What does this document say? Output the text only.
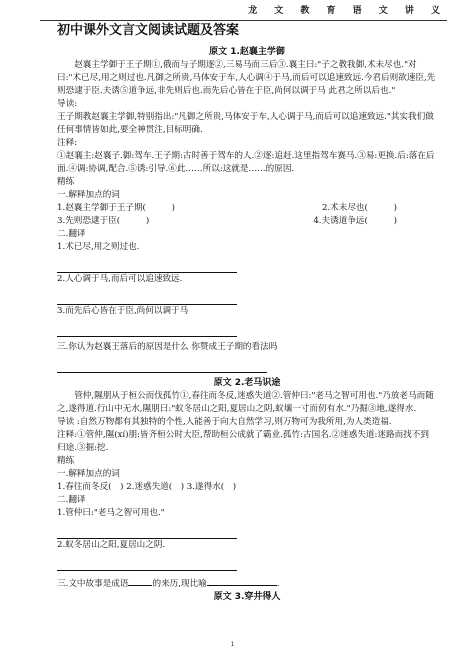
龙 文 教 育 语 文 讲 义
初中课外文言文阅读试题及答案

原文 1.赵襄主学御

赵襄主学御于王子期①,俄而与子期逐②,三易马而三后③.襄主曰:"子之教我御,术未尽也."对曰:"术已尽,用之则过也.凡御之所贵,马体安于车,人心调④于马,而后可以追速致远.今君后则欲速臣,先则恐逮于臣.夫诱⑤道争远,非先则后也.而先后心皆在于臣,尚何以调于马 此君之所以后也."

导读:

王子期教赵襄主学御,特别指出:"凡御之所贵,马体安于车,人心调于马,而后可以追速致远."其实我们做任何事情皆如此,要全神贯注,目标明确.

注释:

①赵襄主:赵襄子.御:驾车.王子期:古时善于驾车的人.②逐:追赶.这里指驾车赛马.③易:更换.后:落在后面.④调:协调,配合.⑤诱:引导.⑥此……所以:这就是……的原因.

精练

一.解释加点的词

1.赵襄主学御于王子期(　　　)	2.术未尽也(　　　)
3.先则恐逮于臣(　　　)	4.夫诱道争远(　　　)

二.翻译

1.术已尽,用之则过也.

2.人心调于马,而后可以追速致远.

3.而先后心皆在于臣,尚何以调于马

三.你认为赵襄王落后的原因是什么 你赞成王子期的看法吗

原文 2.老马识途

管仲,隰朋从于桓公而伐孤竹①,春往而冬反,迷惑失道②.管仲曰:"老马之智可用也."乃放老马而随之,遂得道.行山中无水,隰朋曰:"蚁冬居山之阳,夏居山之阴,蚁壤一寸而仞有水."乃掘③地,遂得水.

导读 :自然万物都有其独特的个性,人能善于向大自然学习,则万物可为我所用,为人类造福.

注释:①管仲,隰(xí)朋:皆齐桓公时大臣,帮助桓公成就了霸业.孤竹:古国名.②迷惑失道:迷路而找不到归途.③掘:挖.

精练

一.解释加点的词

1.春往而冬反(　) 2.迷惑失道(　) 3.遂得水(　)

二.翻译

1.管仲曰:"老马之智可用也."

2.蚁冬居山之阳,夏居山之阴.

三.文中故事是成语	的来历,现比喻	.

原文 3.穿井得人

1
